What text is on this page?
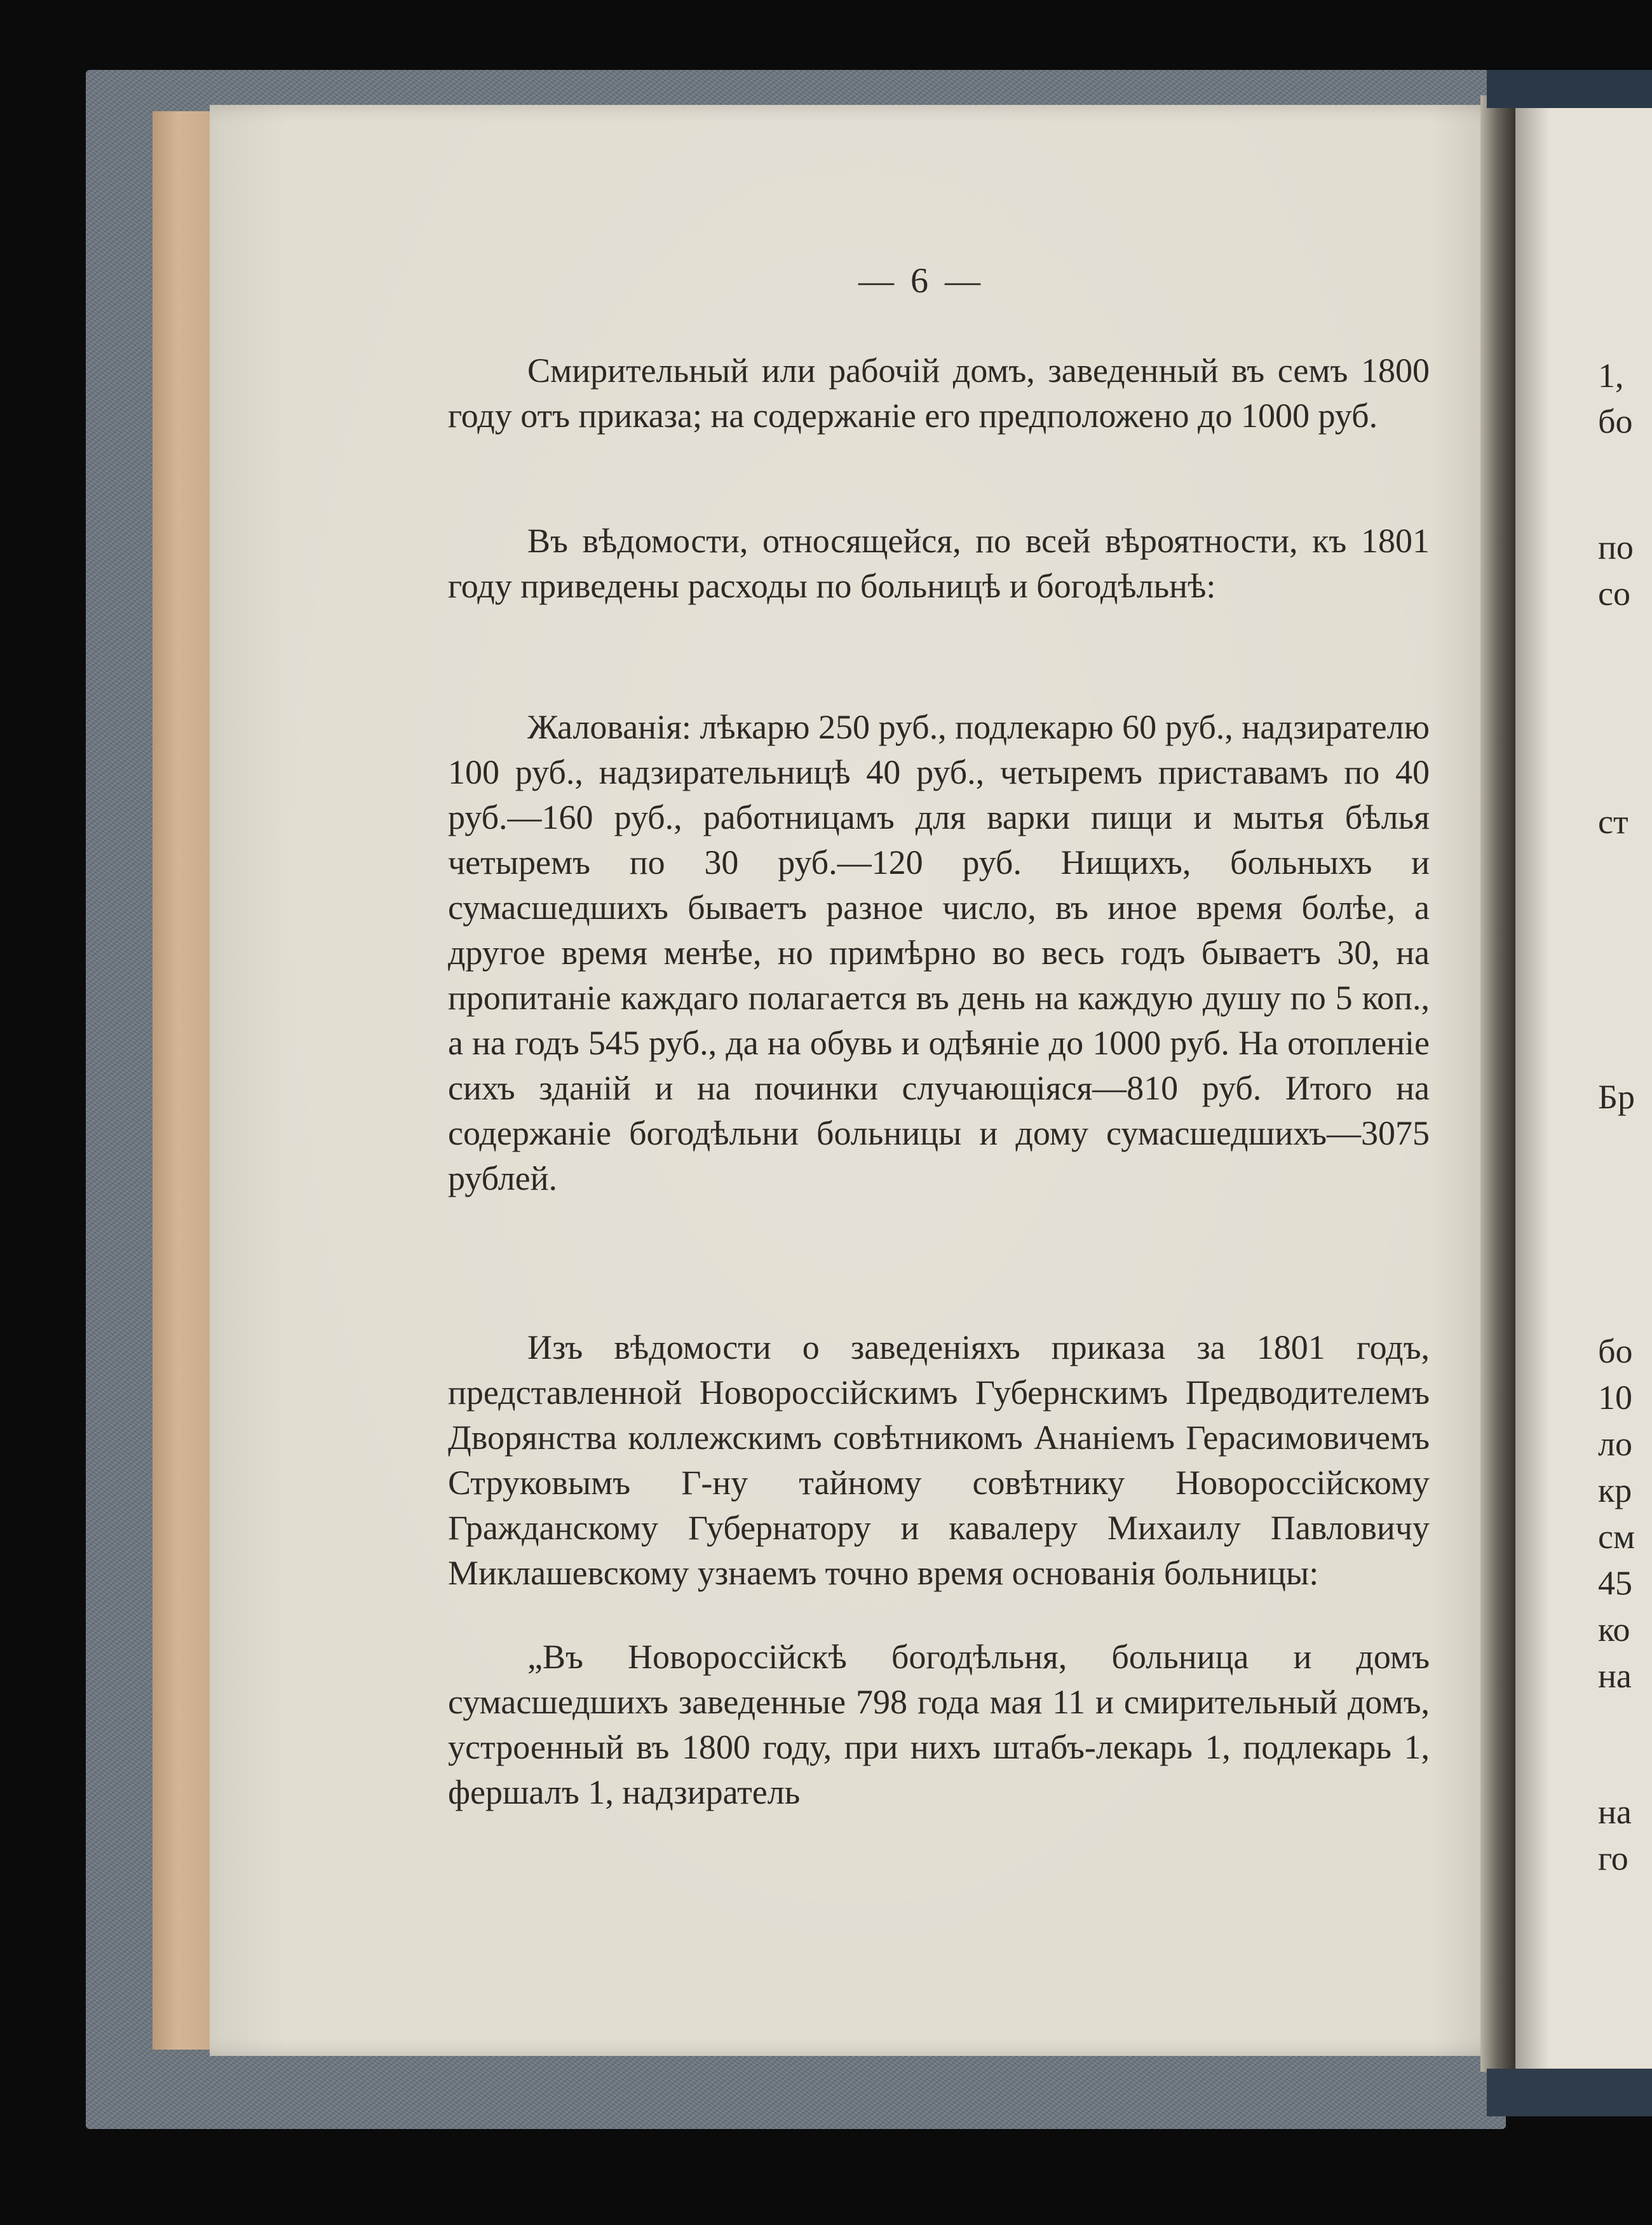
— 6 —

Смирительный или рабочій домъ, заведенный въ семъ 1800 году отъ приказа; на содержаніе его предположено до 1000 руб.

Въ вѣдомости, относящейся, по всей вѣроятности, къ 1801 году приведены расходы по больницѣ и богодѣльнѣ:

Жалованія: лѣкарю 250 руб., подлекарю 60 руб., надзирателю 100 руб., надзирательницѣ 40 руб., четыремъ приставамъ по 40 руб.—160 руб., работницамъ для варки пищи и мытья бѣлья четыремъ по 30 руб.—120 руб. Нищихъ, больныхъ и сумасшедшихъ бываетъ разное число, въ иное время болѣе, а другое время менѣе, но примѣрно во весь годъ бываетъ 30, на пропитаніе каждаго полагается въ день на каждую душу по 5 коп., а на годъ 545 руб., да на обувь и одѣяніе до 1000 руб. На отопленіе сихъ зданій и на починки случающіяся—810 руб. Итого на содержаніе богодѣльни больницы и дому сумасшедшихъ—3075 рублей.

Изъ вѣдомости о заведеніяхъ приказа за 1801 годъ, представленной Новороссійскимъ Губернскимъ Предводителемъ Дворянства коллежскимъ совѣтникомъ Ананіемъ Герасимовичемъ Струковымъ Г-ну тайному совѣтнику Новороссійскому Гражданскому Губернатору и кавалеру Михаилу Павловичу Миклашевскому узнаемъ точно время основанія больницы:

„Въ Новороссійскѣ богодѣльня, больница и домъ сумасшедшихъ заведенные 798 года мая 11 и смирительный домъ, устроенный въ 1800 году, при нихъ штабъ-лекарь 1, подлекарь 1, фершалъ 1, надзиратель

1,
бо
по
со
ст
Бр
бо
10
ло
кр
см
45
ко
на
на
го
